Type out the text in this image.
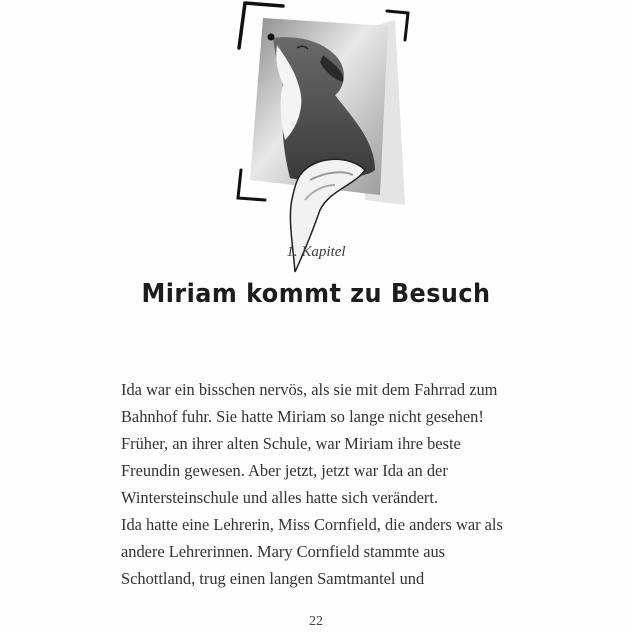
1. Kapitel
Miriam kommt zu Besuch
Ida war ein bisschen nervös, als sie mit dem Fahrrad zum
Bahnhof fuhr. Sie hatte Miriam so lange nicht gesehen!
Früher, an ihrer alten Schule, war Miriam ihre beste
Freundin gewesen. Aber jetzt, jetzt war Ida an der
Wintersteinschule und alles hatte sich verändert.
Ida hatte eine Lehrerin, Miss Cornfield, die anders war als
andere Lehrerinnen. Mary Cornfield stammte aus
Schottland, trug einen langen Samtmantel und
22
